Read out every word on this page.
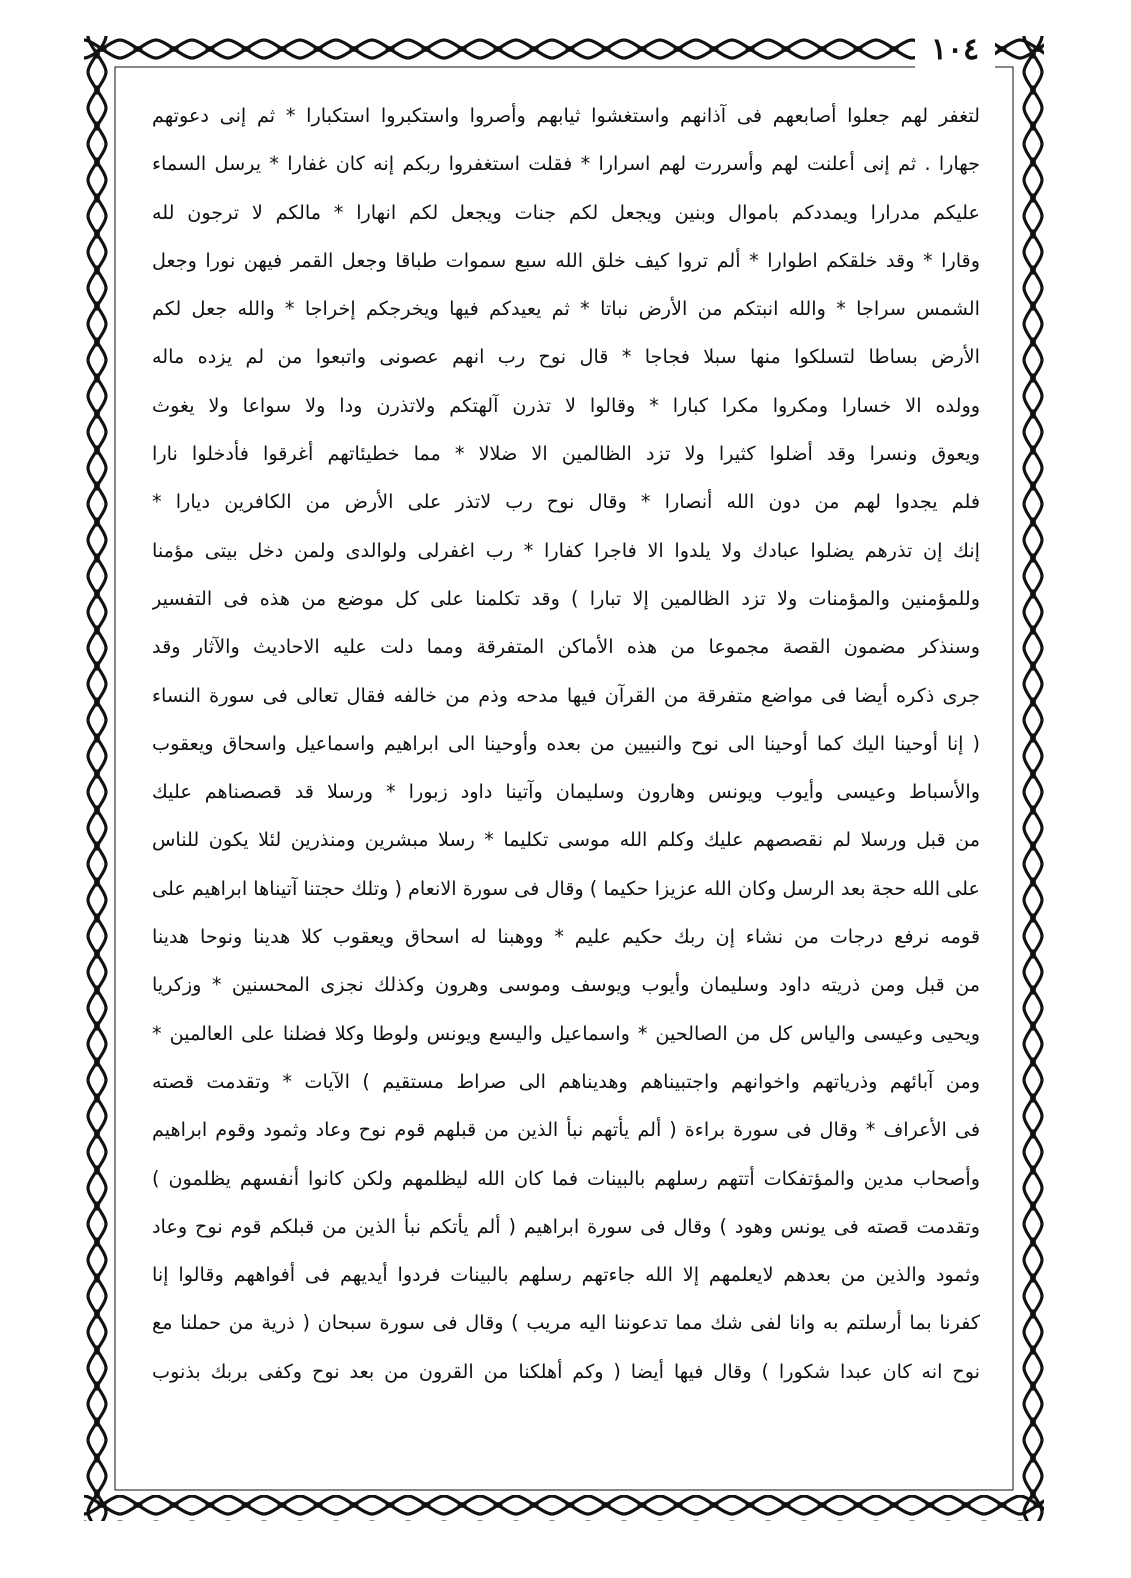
١٠٤
لتغفر لهم جعلوا أصابعهم فى آذانهم واستغشوا ثيابهم وأصروا واستكبروا استكبارا * ثم إنى دعوتهم
جهارا . ثم إنى أعلنت لهم وأسررت لهم اسرارا * فقلت استغفروا ربكم إنه كان غفارا * يرسل السماء
عليكم مدرارا ويمددكم باموال وبنين ويجعل لكم جنات ويجعل لكم انهارا * مالكم لا ترجون لله
وقارا * وقد خلقكم اطوارا * ألم تروا كيف خلق الله سبع سموات طباقا وجعل القمر فيهن نورا وجعل
الشمس سراجا * والله انبتكم من الأرض نباتا * ثم يعيدكم فيها ويخرجكم إخراجا * والله جعل لكم
الأرض بساطا لتسلكوا منها سبلا فجاجا * قال نوح رب انهم عصونى واتبعوا من لم يزده ماله
وولده الا خسارا ومكروا مكرا كبارا * وقالوا لا تذرن آلهتكم ولاتذرن ودا ولا سواعا ولا يغوث
ويعوق ونسرا وقد أضلوا كثيرا ولا تزد الظالمين الا ضلالا * مما خطيئاتهم أغرقوا فأدخلوا نارا
فلم يجدوا لهم من دون الله أنصارا * وقال نوح رب لاتذر على الأرض من الكافرين ديارا *
إنك إن تذرهم يضلوا عبادك ولا يلدوا الا فاجرا كفارا * رب اغفرلى ولوالدى ولمن دخل بيتى مؤمنا
وللمؤمنين والمؤمنات ولا تزد الظالمين إلا تبارا ) وقد تكلمنا على كل موضع من هذه فى التفسير
وسنذكر مضمون القصة مجموعا من هذه الأماكن المتفرقة ومما دلت عليه الاحاديث والآثار وقد
جرى ذكره أيضا فى مواضع متفرقة من القرآن فيها مدحه وذم من خالفه فقال تعالى فى سورة النساء
( إنا أوحينا اليك كما أوحينا الى نوح والنبيين من بعده وأوحينا الى ابراهيم واسماعيل واسحاق ويعقوب
والأسباط وعيسى وأيوب ويونس وهارون وسليمان وآتينا داود زبورا * ورسلا قد قصصناهم عليك
من قبل ورسلا لم نقصصهم عليك وكلم الله موسى تكليما * رسلا مبشرين ومنذرين لئلا يكون للناس
على الله حجة بعد الرسل وكان الله عزيزا حكيما ) وقال فى سورة الانعام ( وتلك حجتنا آتيناها ابراهيم على
قومه نرفع درجات من نشاء إن ربك حكيم عليم * ووهبنا له اسحاق ويعقوب كلا هدينا ونوحا هدينا
من قبل ومن ذريته داود وسليمان وأيوب ويوسف وموسى وهرون وكذلك نجزى المحسنين * وزكريا
ويحيى وعيسى والياس كل من الصالحين * واسماعيل واليسع ويونس ولوطا وكلا فضلنا على العالمين *
ومن آبائهم وذرياتهم واخوانهم واجتبيناهم وهديناهم الى صراط مستقيم ) الآيات * وتقدمت قصته
فى الأعراف * وقال فى سورة براءة ( ألم يأتهم نبأ الذين من قبلهم قوم نوح وعاد وثمود وقوم ابراهيم
وأصحاب مدين والمؤتفكات أتتهم رسلهم بالبينات فما كان الله ليظلمهم ولكن كانوا أنفسهم يظلمون )
وتقدمت قصته فى يونس وهود ) وقال فى سورة ابراهيم ( ألم يأتكم نبأ الذين من قبلكم قوم نوح وعاد
وثمود والذين من بعدهم لايعلمهم إلا الله جاءتهم رسلهم بالبينات فردوا أيديهم فى أفواههم وقالوا إنا
كفرنا بما أرسلتم به وانا لفى شك مما تدعوننا اليه مريب ) وقال فى سورة سبحان ( ذرية من حملنا مع
نوح انه كان عبدا شكورا ) وقال فيها أيضا ( وكم أهلكنا من القرون من بعد نوح وكفى بربك بذنوب
